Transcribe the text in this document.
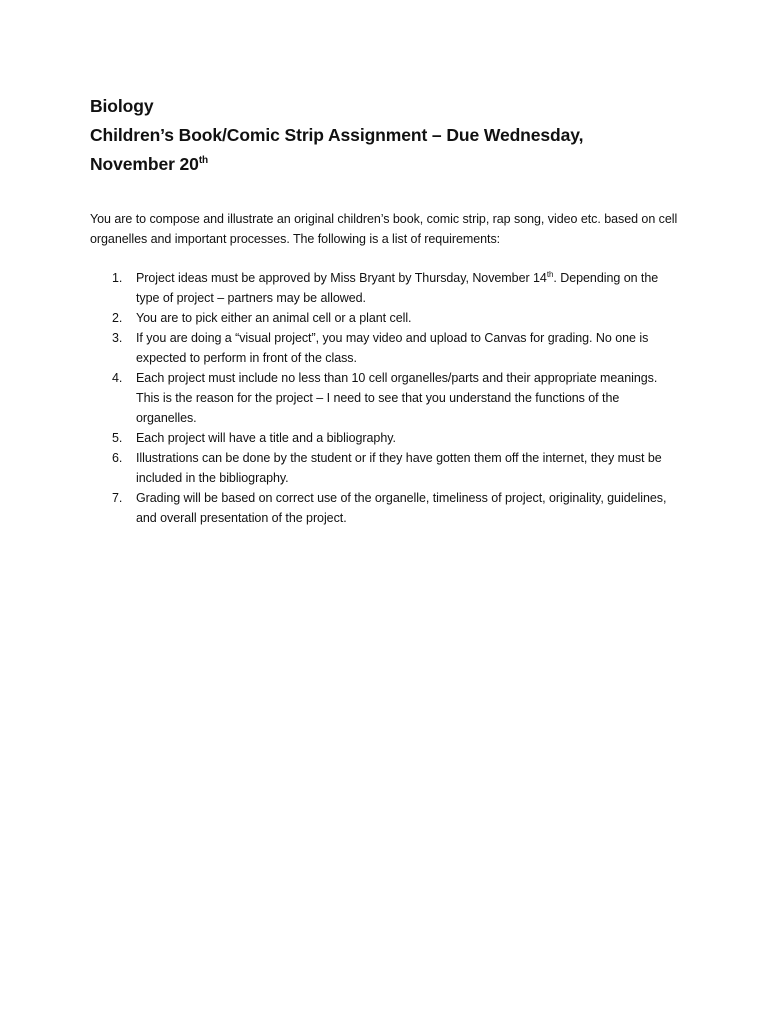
Biology
Children’s Book/Comic Strip Assignment – Due Wednesday,
November 20th

You are to compose and illustrate an original children’s book, comic strip, rap song, video etc. based on cell organelles and important processes. The following is a list of requirements:

1. Project ideas must be approved by Miss Bryant by Thursday, November 14th. Depending on the type of project – partners may be allowed.
2. You are to pick either an animal cell or a plant cell.
3. If you are doing a “visual project”, you may video and upload to Canvas for grading. No one is expected to perform in front of the class.
4. Each project must include no less than 10 cell organelles/parts and their appropriate meanings. This is the reason for the project – I need to see that you understand the functions of the organelles.
5. Each project will have a title and a bibliography.
6. Illustrations can be done by the student or if they have gotten them off the internet, they must be included in the bibliography.
7. Grading will be based on correct use of the organelle, timeliness of project, originality, guidelines, and overall presentation of the project.
